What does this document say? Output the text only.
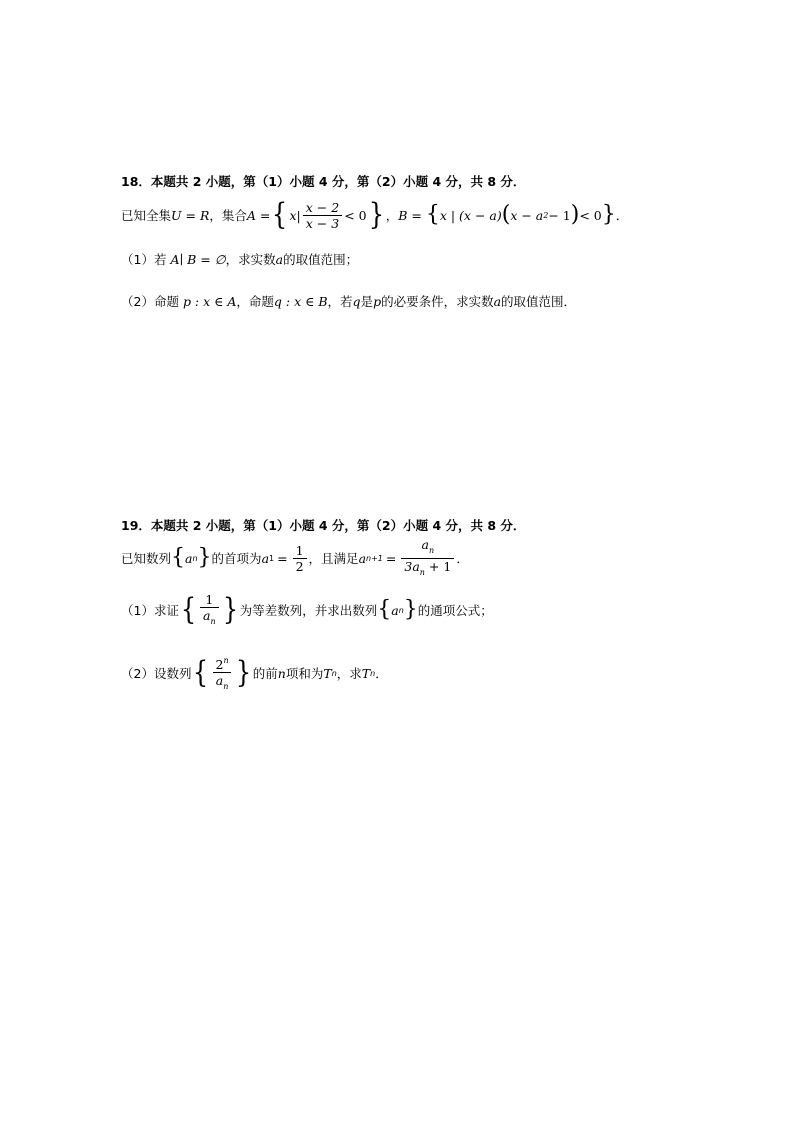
18．本题共 2 小题，第（1）小题 4 分，第（2）小题 4 分，共 8 分．
已知全集 U = R ，集合 A = { $x| \frac{x - 2}{x - 3} < 0$ } ， B = { x | (x − a) ( x − a 2 − 1 ) < 0 } ．
（1）若 A∣ B = ∅ ，求实数 a 的取值范围；
（2）命题 p : x ∈ A ，命题 q : x ∈ B ，若 q 是 p 的必要条件，求实数 a 的取值范围．
19．本题共 2 小题，第（1）小题 4 分，第（2）小题 4 分，共 8 分．
已知数列 { a n } 的首项为 a $1 = \frac{1}{2}$ ，且满足 a $n+1 = \frac{a_n}{3a_n + 1}$ ．
（1）求证 { $\frac{1}{a_n}$ } 为等差数列，并求出数列 { a n } 的通项公式；
（2）设数列 { $\frac{2^n}{a_n}$ } 的前 n 项和为 T n ，求 T n ．
